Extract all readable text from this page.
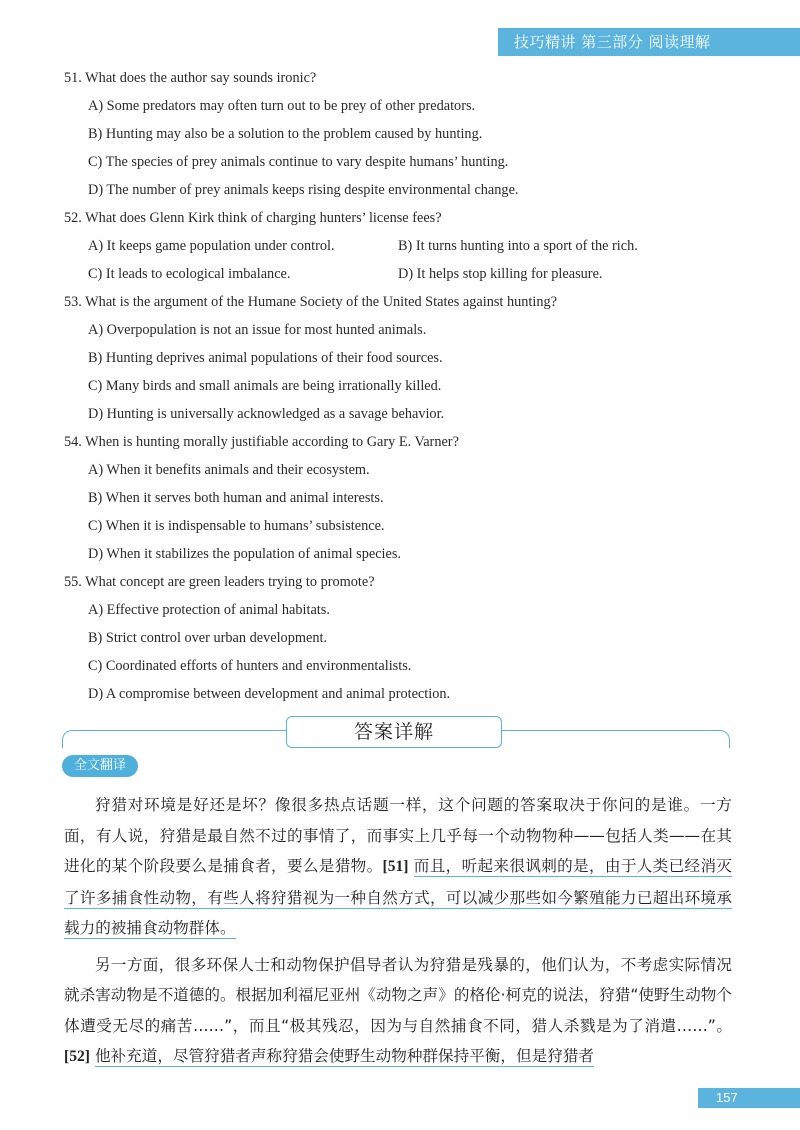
技巧精讲 第三部分 阅读理解
51. What does the author say sounds ironic?
A) Some predators may often turn out to be prey of other predators.
B) Hunting may also be a solution to the problem caused by hunting.
C) The species of prey animals continue to vary despite humans’ hunting.
D) The number of prey animals keeps rising despite environmental change.
52. What does Glenn Kirk think of charging hunters’ license fees?
A) It keeps game population under control.	B) It turns hunting into a sport of the rich.
C) It leads to ecological imbalance.	D) It helps stop killing for pleasure.
53. What is the argument of the Humane Society of the United States against hunting?
A) Overpopulation is not an issue for most hunted animals.
B) Hunting deprives animal populations of their food sources.
C) Many birds and small animals are being irrationally killed.
D) Hunting is universally acknowledged as a savage behavior.
54. When is hunting morally justifiable according to Gary E. Varner?
A) When it benefits animals and their ecosystem.
B) When it serves both human and animal interests.
C) When it is indispensable to humans’ subsistence.
D) When it stabilizes the population of animal species.
55. What concept are green leaders trying to promote?
A) Effective protection of animal habitats.
B) Strict control over urban development.
C) Coordinated efforts of hunters and environmentalists.
D) A compromise between development and animal protection.
答案详解
全文翻译

狩猎对环境是好还是坏？像很多热点话题一样，这个问题的答案取决于你问的是谁。一方面，有人说，狩猎是最自然不过的事情了，而事实上几乎每一个动物物种——包括人类——在其进化的某个阶段要么是捕食者，要么是猎物。[51] 而且，听起来很讽刺的是，由于人类已经消灭了许多捕食性动物，有些人将狩猎视为一种自然方式，可以减少那些如今繁殖能力已超出环境承载力的被捕食动物群体。

另一方面，很多环保人士和动物保护倡导者认为狩猎是残暴的，他们认为，不考虑实际情况就杀害动物是不道德的。根据加利福尼亚州《动物之声》的格伦·柯克的说法，狩猎“使野生动物个体遭受无尽的痛苦……”，而且“极其残忍，因为与自然捕食不同，猎人杀戮是为了消遣……”。[52] 他补充道，尽管狩猎者声称狩猎会使野生动物种群保持平衡，但是狩猎者

157
